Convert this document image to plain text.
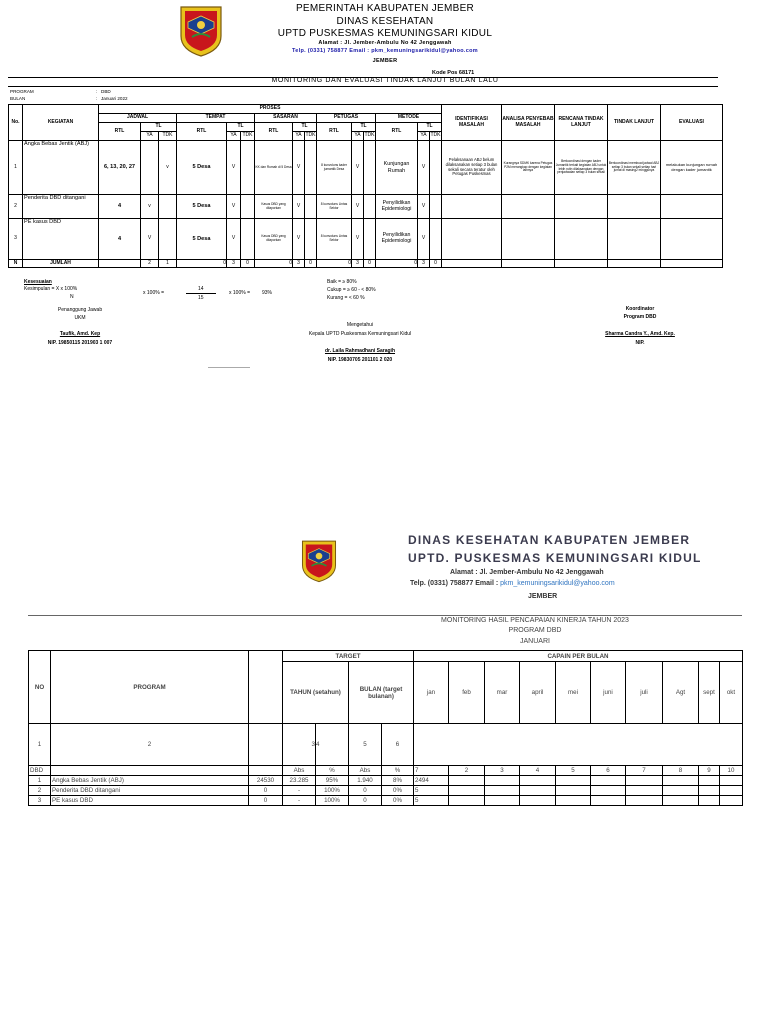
PEMERINTAH KABUPATEN JEMBER
DINAS KESEHATAN
UPTD PUSKESMAS KEMUNINGSARI KIDUL
Alamat : Jl. Jember-Ambulu No 42 Jenggawah
Telp. (0331) 758877 Email : pkm_kemuningsarikidul@yahoo.com
JEMBER
Kode Pos 68171
MONITORING DAN EVALUASI TINDAK LANJUT BULAN LALU
PROGRAM	: DBD
BULAN	: Januari 2022
No.	KEGIATAN	PROSES															IDENTIFIKASI MASALAH	ANALISA PENYEBAB MASALAH	RENCANA TINDAK LANJUT	TINDAK LANJUT	EVALUASI
		JADWAL			TEMPAT			SASARAN			PETUGAS			METODE							
		RTL	TL		RTL	TL		RTL	TL		RTL	TL		RTL	TL						
			YA	TDK		YA	TDK		YA	TDK		YA	TDK		YA	TDK					
1	Angka Bebas Jentik (ABJ)	6, 13, 20, 27		v	5 Desa	V		KK dan Rumah di 5 Desa	V		8 kunvoluns kader jumantik Desa	V		Kunjungan Rumah	V		Pelaksanaan ABJ belum dilaksanakan setiap 3 bulan sekali secara teratur oleh Petugas Puskesmas	Kurangnya SDMK karena Petugas P2M merangkap dengan kegiatan lainnya	Berkoordinasi dengan kader Jumantik terkait kegiatan ABJ untuk lebih rutin dilaksanakan dengan penjadwalan setiap 3 bulan sekali	Berkoordinasi membuat jadwal ABJ setiap 3 bulan sekali setiap hari jumat di masing2 minggunya	melakukan kunjungan rumah dengan kader jumantik
2	Penderita DBD ditangani	4	v		5 Desa	V		Kasus DBD yang dilaporkan	V		8 kunvoluns Lintas Sektor	V		Penyilidikan Epidemiologi	V						
3	PE kasus DBD	4	V		5 Desa	V		Kasus DBD yang dilaporkan	V		8 kunvoluns Lintas Sektor	V		Penyilidikan Epidemiologi	V						
N	JUMLAH		2	1	0	3	0	0	3	0	0	3	0	0	3	0					
Kesesuaian
Kesimpulan = X x 100%
N
x 100% =
14
15
x 100% = 93%
Baik = ≥ 80%
Cukup = ≥ 60 - < 80%
Kurang = < 60 %
Penanggung Jawab
UKM
Taufik, Amd. Kep
NIP. 19850115 201903 1 007
Mengetahui
Kepala UPTD Puskesmas Kemuningsari Kidul
dr. Laila Rahmadhani Saragih
NIP. 19830705 201101 2 020
Koordinator
Program DBD
Sharma Candra Y., Amd. Kep.
NIP.
DINAS KESEHATAN KABUPATEN JEMBER
UPTD. PUSKESMAS KEMUNINGSARI KIDUL
Alamat : Jl. Jember-Ambulu No 42 Jenggawah
Telp. (0331) 758877 Email : pkm_kemuningsarikidul@yahoo.com
JEMBER
MONITORING HASIL PENCAPAIAN KINERJA TAHUN 2023
PROGRAM DBD
JANUARI
NO	PROGRAM		TARGET				CAPAIN PER BULAN									
			TAHUN (setahun)		BULAN (target bulanan)		jan	feb	mar	april	mei	juni	juli	Agt	sept	okt
1	2		3	4	5	6										
DBD			Abs	%	Abs	%	7	2	3	4	5	6	7	8	9	10
1	Angka Bebas Jentik (ABJ)	24530	23.285	95%	1.940	8%	2494									
2	Penderita DBD ditangani	0	-	100%	0	0%	5									
3	PE kasus DBD	0	-	100%	0	0%	5									
